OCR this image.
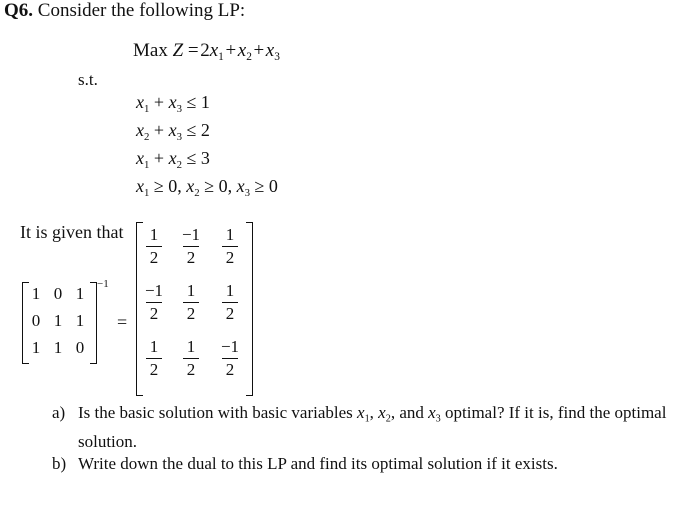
Q6. Consider the following LP:
Max Z = $2x_1$ + $x_2$ + $x_3$
s.t.
$x_1 + x_3 \le 1$
$x_2 + x_3 \le 2$
$x_1 + x_2 \le 3$
$x_1 \ge 0$, $x_2 \ge 0$, $x_3 \ge 0$
It is given that
1 0 1
0 1 1
1 1 0
−1
=
1
2
−1
2
1
2
−1
2
1
2
1
2
1
2
1
2
−1
2
a) Is the basic solution with basic variables $x_1$, $x_2$, and $x_3$ optimal? If it is, find the optimal solution.
b) Write down the dual to this LP and find its optimal solution if it exists.
